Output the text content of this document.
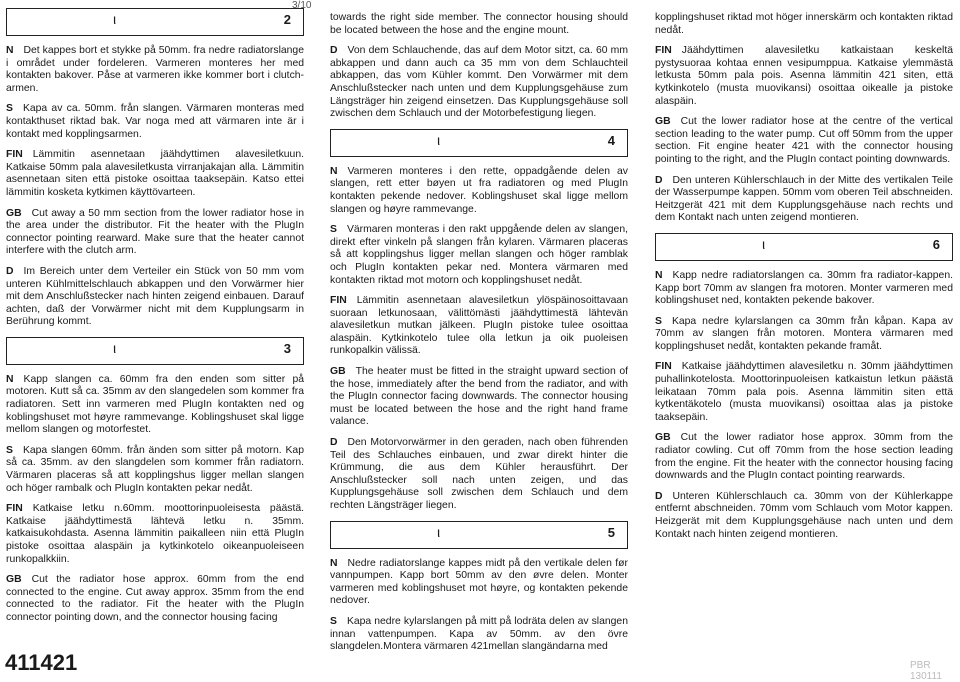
3/10
ι	2

N Det kappes bort et stykke på 50mm. fra nedre radiatorslange i området under fordeleren. Varmeren monteres her med kontakten bakover. Påse at varmeren ikke kommer bort i clutch-armen.

S Kapa av ca. 50mm. från slangen. Värmaren monteras med kontakthuset riktad bak. Var noga med att värmaren inte är i kontakt med kopplingsarmen.

FIN Lämmitin asennetaan jäähdyttimen alavesiletkuun. Katkaise 50mm pala alavesiletkusta virranjakajan alla. Lämmitin asennetaan siten että pistoke osoittaa taaksepäin. Katso ettei lämmitin kosketa kytkimen käyttövarteen.

GB Cut away a 50 mm section from the lower radiator hose in the area under the distributor. Fit the heater with the PlugIn connector pointing rearward. Make sure that the heater cannot interfere with the clutch arm.

D Im Bereich unter dem Verteiler ein Stück von 50 mm vom unteren Kühlmittelschlauch abkappen und den Vorwärmer hier mit dem Anschlußstecker nach hinten zeigend einbauen. Darauf achten, daß der Vorwärmer nicht mit dem Kupplungsarm in Berührung kommt.

ι	3

N Kapp slangen ca. 60mm fra den enden som sitter på motoren. Kutt så ca. 35mm av den slangedelen som kommer fra radiatoren. Sett inn varmeren med PlugIn kontakten ned og koblingshuset mot høyre rammevange. Koblingshuset skal ligge mellom slangen og motorfestet.

S Kapa slangen 60mm. från änden som sitter på motorn. Kap så ca. 35mm. av den slangdelen som kommer från radiatorn. Värmaren placeras så att kopplingshus ligger mellan slangen och höger rambalk och PlugIn kontakten pekar nedåt.

FIN Katkaise letku n.60mm. moottorinpuoleisesta päästä. Katkaise jäähdyttimestä lähtevä letku n. 35mm. katkaisukohdasta. Asenna lämmitin paikalleen niin että PlugIn pistoke osoittaa alaspäin ja kytkinkotelo oikeanpuoleiseen runkopalkkiin.

GB Cut the radiator hose approx. 60mm from the end connected to the engine. Cut away approx. 35mm from the end connected to the radiator. Fit the heater with the PlugIn connector pointing down, and the connector housing facing

towards the right side member. The connector housing should be located between the hose and the engine mount.

D Von dem Schlauchende, das auf dem Motor sitzt, ca. 60 mm abkappen und dann auch ca 35 mm von dem Schlauchteil abkappen, das vom Kühler kommt. Den Vorwärmer mit dem Anschlußstecker nach unten und dem Kupplungsgehäuse zum Längsträger hin zeigend einsetzen. Das Kupplungsgehäuse soll zwischen dem Schlauch und der Motorbefestigung liegen.

ι	4

N Varmeren monteres i den rette, oppadgående delen av slangen, rett etter bøyen ut fra radiatoren og med PlugIn kontakten pekende nedover. Koblingshuset skal ligge mellom slangen og høyre rammevange.

S Värmaren monteras i den rakt uppgående delen av slangen, direkt efter vinkeln på slangen från kylaren. Värmaren placeras så att kopplingshus ligger mellan slangen och höger ramblak och PlugIn kontakten pekar ned. Montera värmaren med kontakten riktad mot motorn och kopplingshuset nedåt.

FIN Lämmitin asennetaan alavesiletkun ylöspäinosoittavaan suoraan letkunosaan, välittömästi jäähdyttimestä lähtevän alavesiletkun mutkan jälkeen. PlugIn pistoke tulee osoittaa alaspäin. Kytkinkotelo tulee olla letkun ja oik puoleisen runkopalkin välissä.

GB The heater must be fitted in the straight upward section of the hose, immediately after the bend from the radiator, and with the PlugIn connector facing downwards. The connector housing must be located between the hose and the right hand frame valance.

D Den Motorvorwärmer in den geraden, nach oben führenden Teil des Schlauches einbauen, und zwar direkt hinter die Krümmung, die aus dem Kühler herausführt. Der Anschlußstecker soll nach unten zeigen, und das Kupplungsgehäuse soll zwischen dem Schlauch und dem rechten Längsträger liegen.

ι	5

N Nedre radiatorslange kappes midt på den vertikale delen før vannpumpen. Kapp bort 50mm av den øvre delen. Monter varmeren med koblingshuset mot høyre, og kontakten pekende nedover.

S Kapa nedre kylarslangen på mitt på lodräta delen av slangen innan vattenpumpen. Kapa av 50mm. av den övre slangdelen.Montera värmaren 421mellan slangändarna med

kopplingshuset riktad mot höger innerskärm och kontakten riktad nedåt.

FIN Jäähdyttimen alavesiletku katkaistaan keskeltä pystysuoraa kohtaa ennen vesipumppua. Katkaise ylemmästä letkusta 50mm pala pois. Asenna lämmitin 421 siten, että kytkinkotelo (musta muovikansi) osoittaa oikealle ja pistoke alaspäin.

GB Cut the lower radiator hose at the centre of the vertical section leading to the water pump. Cut off 50mm from the upper section. Fit engine heater 421 with the connector housing pointing to the right, and the PlugIn contact pointing downwards.

D Den unteren Kühlerschlauch in der Mitte des vertikalen Teile der Wasserpumpe kappen. 50mm vom oberen Teil abschneiden. Heitzgerät 421 mit dem Kupplungsgehäuse nach rechts und dem Kontakt nach unten zeigend montieren.

ι	6

N Kapp nedre radiatorslangen ca. 30mm fra radiator-kappen. Kapp bort 70mm av slangen fra motoren. Monter varmeren med koblingshuset ned, kontakten pekende bakover.

S Kapa nedre kylarslangen ca 30mm från kåpan. Kapa av 70mm av slangen från motoren. Montera värmaren med kopplingshuset nedåt, kontakten pekande framåt.

FIN Katkaise jäähdyttimen alavesiletku n. 30mm jäähdyttimen puhallinkotelosta. Moottorinpuoleisen katkaistun letkun päästä leikataan 70mm pala pois. Asenna lämmitin siten että kytkentäkotelo (musta muovikansi) osoittaa alas ja pistoke taaksepäin.

GB Cut the lower radiator hose approx. 30mm from the radiator cowling. Cut off 70mm from the hose section leading from the engine. Fit the heater with the connector housing facing downwards and the PlugIn contact pointing rearwards.

D Unteren Kühlerschlauch ca. 30mm von der Kühlerkappe entfernt abschneiden. 70mm vom Schlauch vom Motor kappen. Heizgerät mit dem Kupplungsgehäuse nach unten und dem Kontakt nach hinten zeigend montieren.

411421	PBR 130111
